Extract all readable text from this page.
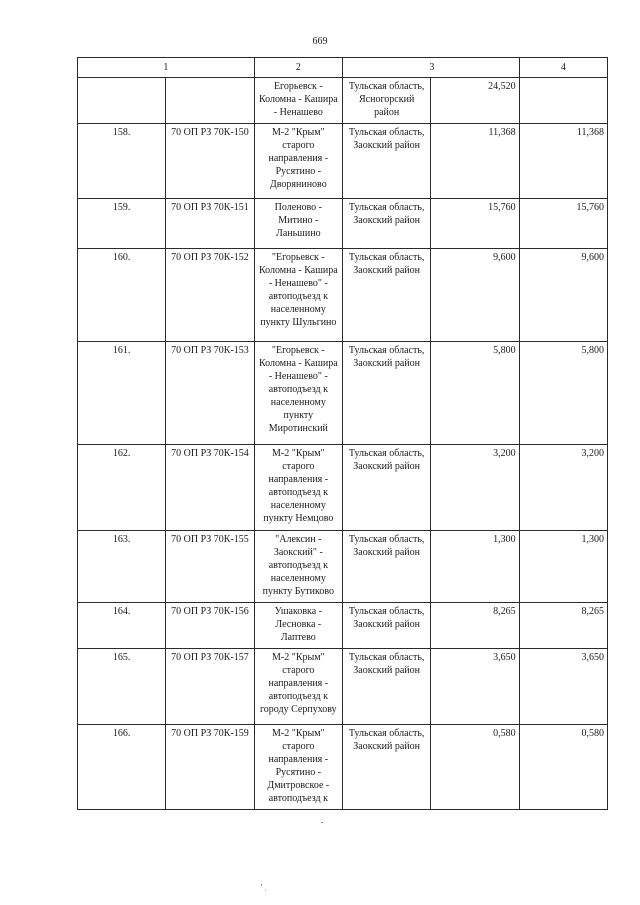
669
1		2	3		4
		Егорьевск - Коломна - Кашира - Ненашево	Тульская область, Ясногорский район	24,520	
158.	70 ОП РЗ 70К-150	М-2 "Крым" старого направления - Русятино - Дворяниново	Тульская область, Заокский район	11,368	11,368
159.	70 ОП РЗ 70К-151	Поленово - Митино - Ланьшино	Тульская область, Заокский район	15,760	15,760
160.	70 ОП РЗ 70К-152	"Егорьевск - Коломна - Кашира - Ненашево" - автоподъезд к населенному пункту Шульгино	Тульская область, Заокский район	9,600	9,600
161.	70 ОП РЗ 70К-153	"Егорьевск - Коломна - Кашира - Ненашево" - автоподъезд к населенному пункту Миротинский	Тульская область, Заокский район	5,800	5,800
162.	70 ОП РЗ 70К-154	М-2 "Крым" старого направления - автоподъезд к населенному пункту Немцово	Тульская область, Заокский район	3,200	3,200
163.	70 ОП РЗ 70К-155	"Алексин - Заокский" - автоподъезд к населенному пункту Бутиково	Тульская область, Заокский район	1,300	1,300
164.	70 ОП РЗ 70К-156	Ушаковка - Лесновка - Лаптево	Тульская область, Заокский район	8,265	8,265
165.	70 ОП РЗ 70К-157	М-2 "Крым" старого направления - автоподъезд к городу Серпухову	Тульская область, Заокский район	3,650	3,650
166.	70 ОП РЗ 70К-159	М-2 "Крым" старого направления - Русятино - Дмитровское - автоподъезд к	Тульская область, Заокский район	0,580	0,580
